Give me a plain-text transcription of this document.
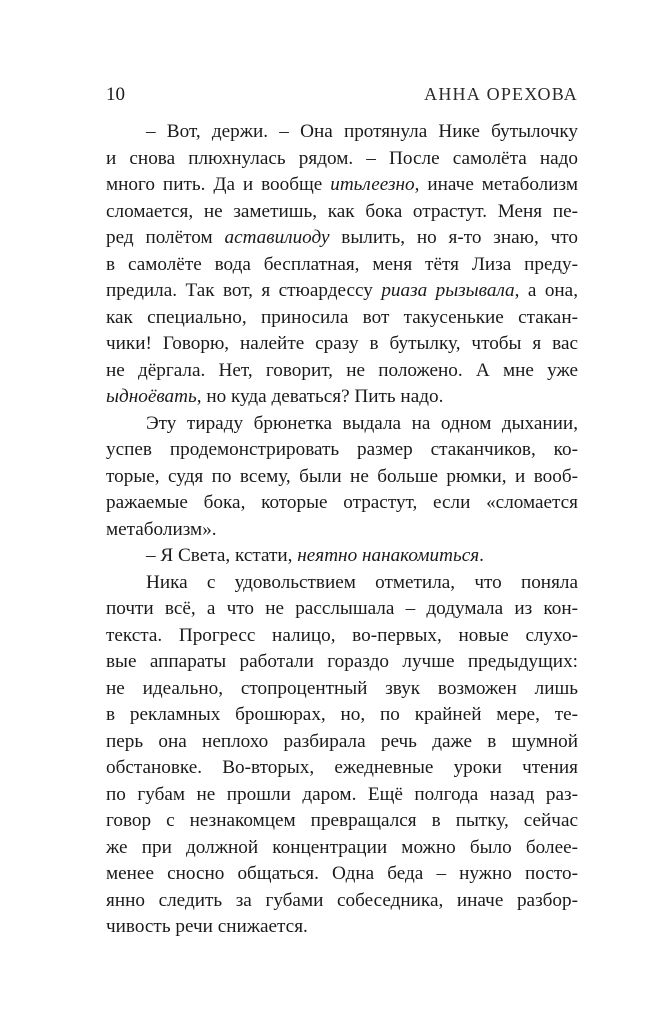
10	АННА ОРЕХОВА
– Вот, держи. – Она протянула Нике бутылочку
и снова плюхнулась рядом. – После самолёта надо
много пить. Да и вообще итьлеезно, иначе метаболизм
сломается, не заметишь, как бока отрастут. Меня пе-
ред полётом аставилиоду вылить, но я-то знаю, что
в самолёте вода бесплатная, меня тётя Лиза преду-
предила. Так вот, я стюардессу риаза рызывала, а она,
как специально, приносила вот такусенькие стакан-
чики! Говорю, налейте сразу в бутылку, чтобы я вас
не дёргала. Нет, говорит, не положено. А мне уже
ыдноёвать, но куда деваться? Пить надо.
Эту тираду брюнетка выдала на одном дыхании,
успев продемонстрировать размер стаканчиков, ко-
торые, судя по всему, были не больше рюмки, и вооб-
ражаемые бока, которые отрастут, если «сломается
метаболизм».
– Я Света, кстати, неятно нанакомиться.
Ника с удовольствием отметила, что поняла
почти всё, а что не расслышала – додумала из кон-
текста. Прогресс налицо, во-первых, новые слухо-
вые аппараты работали гораздо лучше предыдущих:
не идеально, стопроцентный звук возможен лишь
в рекламных брошюрах, но, по крайней мере, те-
перь она неплохо разбирала речь даже в шумной
обстановке. Во-вторых, ежедневные уроки чтения
по губам не прошли даром. Ещё полгода назад раз-
говор с незнакомцем превращался в пытку, сейчас
же при должной концентрации можно было более-
менее сносно общаться. Одна беда – нужно посто-
янно следить за губами собеседника, иначе разбор-
чивость речи снижается.
